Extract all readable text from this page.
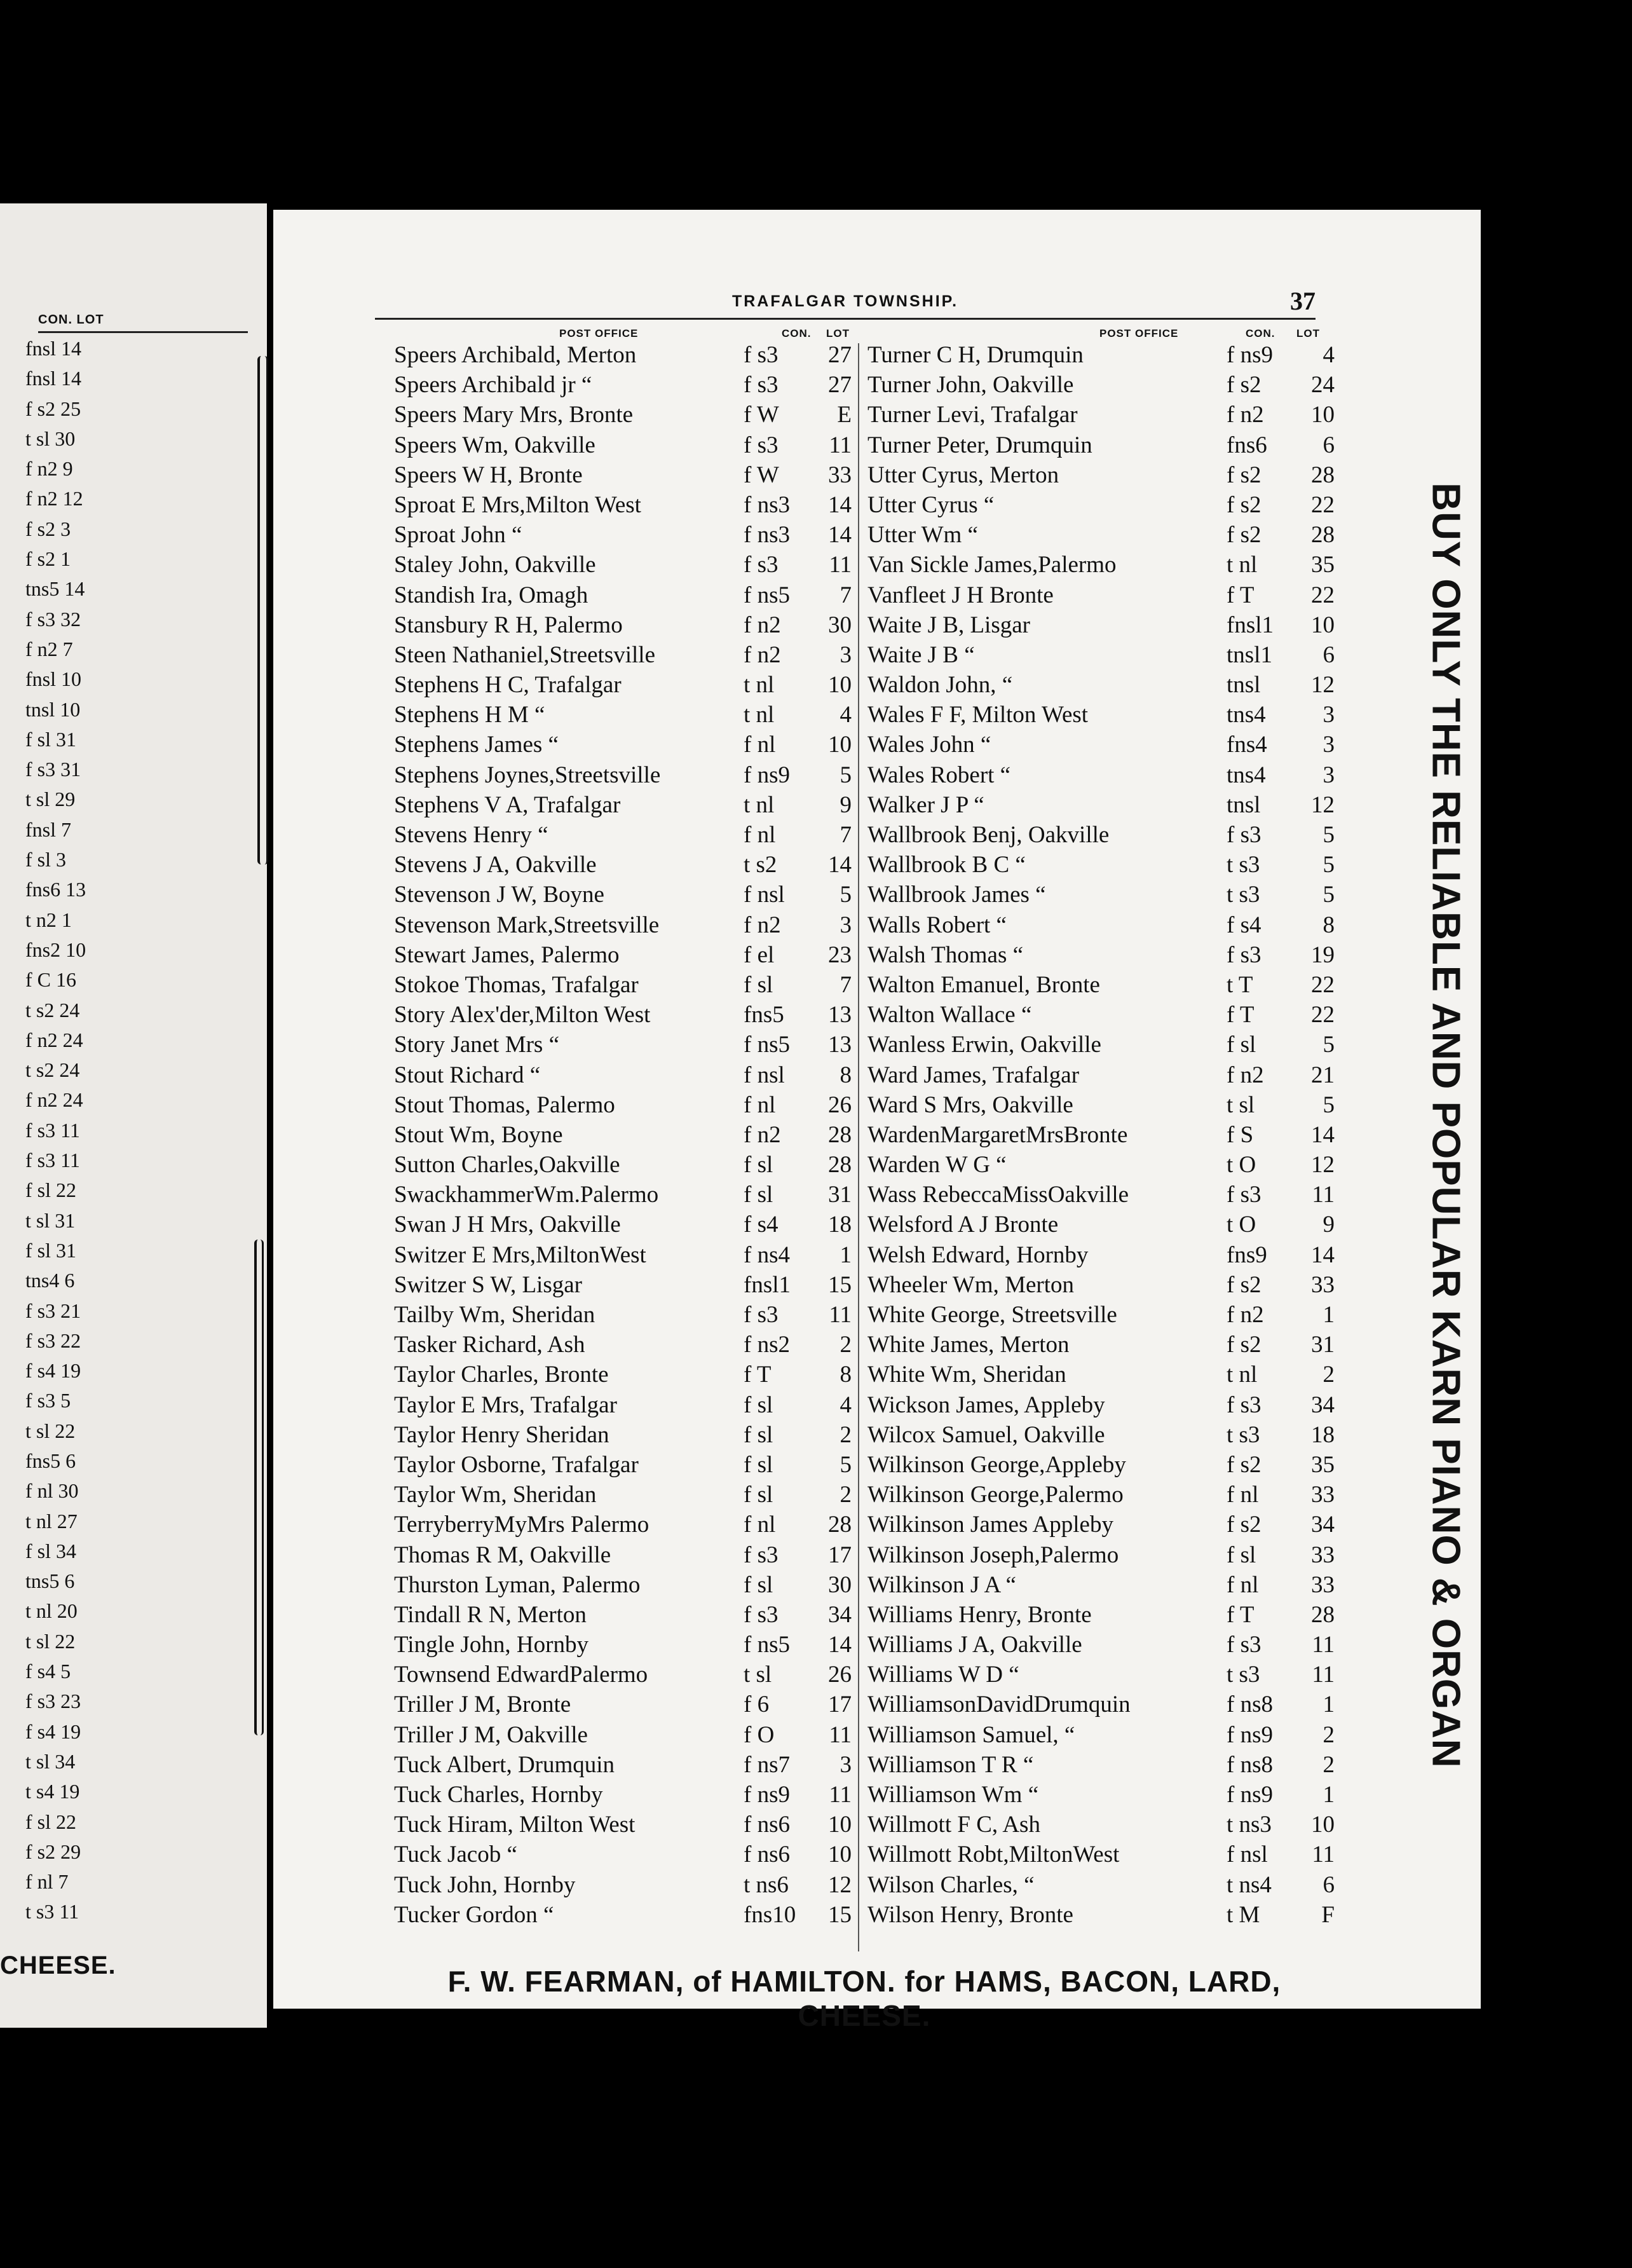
CON. LOT
fnsl 14
fnsl 14
f s2 25
t sl 30
f n2 9
f n2 12
f s2 3
f s2 1
tns5 14
f s3 32
f n2 7
fnsl 10
tnsl 10
f sl 31
f s3 31
t sl 29
fnsl 7
f sl 3
fns6 13
t n2 1
fns2 10
f C 16
t s2 24
f n2 24
t s2 24
f n2 24
f s3 11
f s3 11
f sl 22
t sl 31
f sl 31
tns4 6
f s3 21
f s3 22
f s4 19
f s3 5
t sl 22
fns5 6
f nl 30
t nl 27
f sl 34
tns5 6
t nl 20
t sl 22
f s4 5
f s3 23
f s4 19
t sl 34
t s4 19
f sl 22
f s2 29
f nl 7
t s3 11
CHEESE.
TRAFALGAR TOWNSHIP.	37
POST OFFICE	CON. LOT	POST OFFICE	CON. LOT
Speers Archibald, Merton	f s3	27
Speers Archibald jr “	f s3	27
Speers Mary Mrs, Bronte	f W	E
Speers Wm, Oakville	f s3	11
Speers W H, Bronte	f W	33
Sproat E Mrs,Milton West	f ns3	14
Sproat John “	f ns3	14
Staley John, Oakville	f s3	11
Standish Ira, Omagh	f ns5	7
Stansbury R H, Palermo	f n2	30
Steen Nathaniel,Streetsville	f n2	3
Stephens H C, Trafalgar	t nl	10
Stephens H M “	t nl	4
Stephens James “	f nl	10
Stephens Joynes,Streetsville	f ns9	5
Stephens V A, Trafalgar	t nl	9
Stevens Henry “	f nl	7
Stevens J A, Oakville	t s2	14
Stevenson J W, Boyne	f nsl	5
Stevenson Mark,Streetsville	f n2	3
Stewart James, Palermo	f el	23
Stokoe Thomas, Trafalgar	f sl	7
Story Alex'der,Milton West	fns5	13
Story Janet Mrs “	f ns5	13
Stout Richard “	f nsl	8
Stout Thomas, Palermo	f nl	26
Stout Wm, Boyne	f n2	28
Sutton Charles,Oakville	f sl	28
SwackhammerWm.Palermo	f sl	31
Swan J H Mrs, Oakville	f s4	18
Switzer E Mrs,MiltonWest	f ns4	1
Switzer S W, Lisgar	fnsl1	15
Tailby Wm, Sheridan	f s3	11
Tasker Richard, Ash	f ns2	2
Taylor Charles, Bronte	f T	8
Taylor E Mrs, Trafalgar	f sl	4
Taylor Henry Sheridan	f sl	2
Taylor Osborne, Trafalgar	f sl	5
Taylor Wm, Sheridan	f sl	2
TerryberryMyMrs Palermo	f nl	28
Thomas R M, Oakville	f s3	17
Thurston Lyman, Palermo	f sl	30
Tindall R N, Merton	f s3	34
Tingle John, Hornby	f ns5	14
Townsend EdwardPalermo	t sl	26
Triller J M, Bronte	f 6	17
Triller J M, Oakville	f O	11
Tuck Albert, Drumquin	f ns7	3
Tuck Charles, Hornby	f ns9	11
Tuck Hiram, Milton West	f ns6	10
Tuck Jacob “	f ns6	10
Tuck John, Hornby	t ns6	12
Tucker Gordon “	fns10	15
Turner C H, Drumquin	f ns9	4
Turner John, Oakville	f s2	24
Turner Levi, Trafalgar	f n2	10
Turner Peter, Drumquin	fns6	6
Utter Cyrus, Merton	f s2	28
Utter Cyrus “	f s2	22
Utter Wm “	f s2	28
Van Sickle James,Palermo	t nl	35
Vanfleet J H Bronte	f T	22
Waite J B, Lisgar	fnsl1	10
Waite J B “	tnsl1	6
Waldon John, “	tnsl	12
Wales F F, Milton West	tns4	3
Wales John “	fns4	3
Wales Robert “	tns4	3
Walker J P “	tnsl	12
Wallbrook Benj, Oakville	f s3	5
Wallbrook B C “	t s3	5
Wallbrook James “	t s3	5
Walls Robert “	f s4	8
Walsh Thomas “	f s3	19
Walton Emanuel, Bronte	t T	22
Walton Wallace “	f T	22
Wanless Erwin, Oakville	f sl	5
Ward James, Trafalgar	f n2	21
Ward S Mrs, Oakville	t sl	5
WardenMargaretMrsBronte	f S	14
Warden W G “	t O	12
Wass RebeccaMissOakville	f s3	11
Welsford A J Bronte	t O	9
Welsh Edward, Hornby	fns9	14
Wheeler Wm, Merton	f s2	33
White George, Streetsville	f n2	1
White James, Merton	f s2	31
White Wm, Sheridan	t nl	2
Wickson James, Appleby	f s3	34
Wilcox Samuel, Oakville	t s3	18
Wilkinson George,Appleby	f s2	35
Wilkinson George,Palermo	f nl	33
Wilkinson James Appleby	f s2	34
Wilkinson Joseph,Palermo	f sl	33
Wilkinson J A “	f nl	33
Williams Henry, Bronte	f T	28
Williams J A, Oakville	f s3	11
Williams W D “	t s3	11
WilliamsonDavidDrumquin	f ns8	1
Williamson Samuel, “	f ns9	2
Williamson T R “	f ns8	2
Williamson Wm “	f ns9	1
Willmott F C, Ash	t ns3	10
Willmott Robt,MiltonWest	f nsl	11
Wilson Charles, “	t ns4	6
Wilson Henry, Bronte	t M	F
BUY ONLY THE RELIABLE AND POPULAR KARN PIANO & ORGAN
F. W. FEARMAN, of HAMILTON. for HAMS, BACON, LARD, CHEESE.
